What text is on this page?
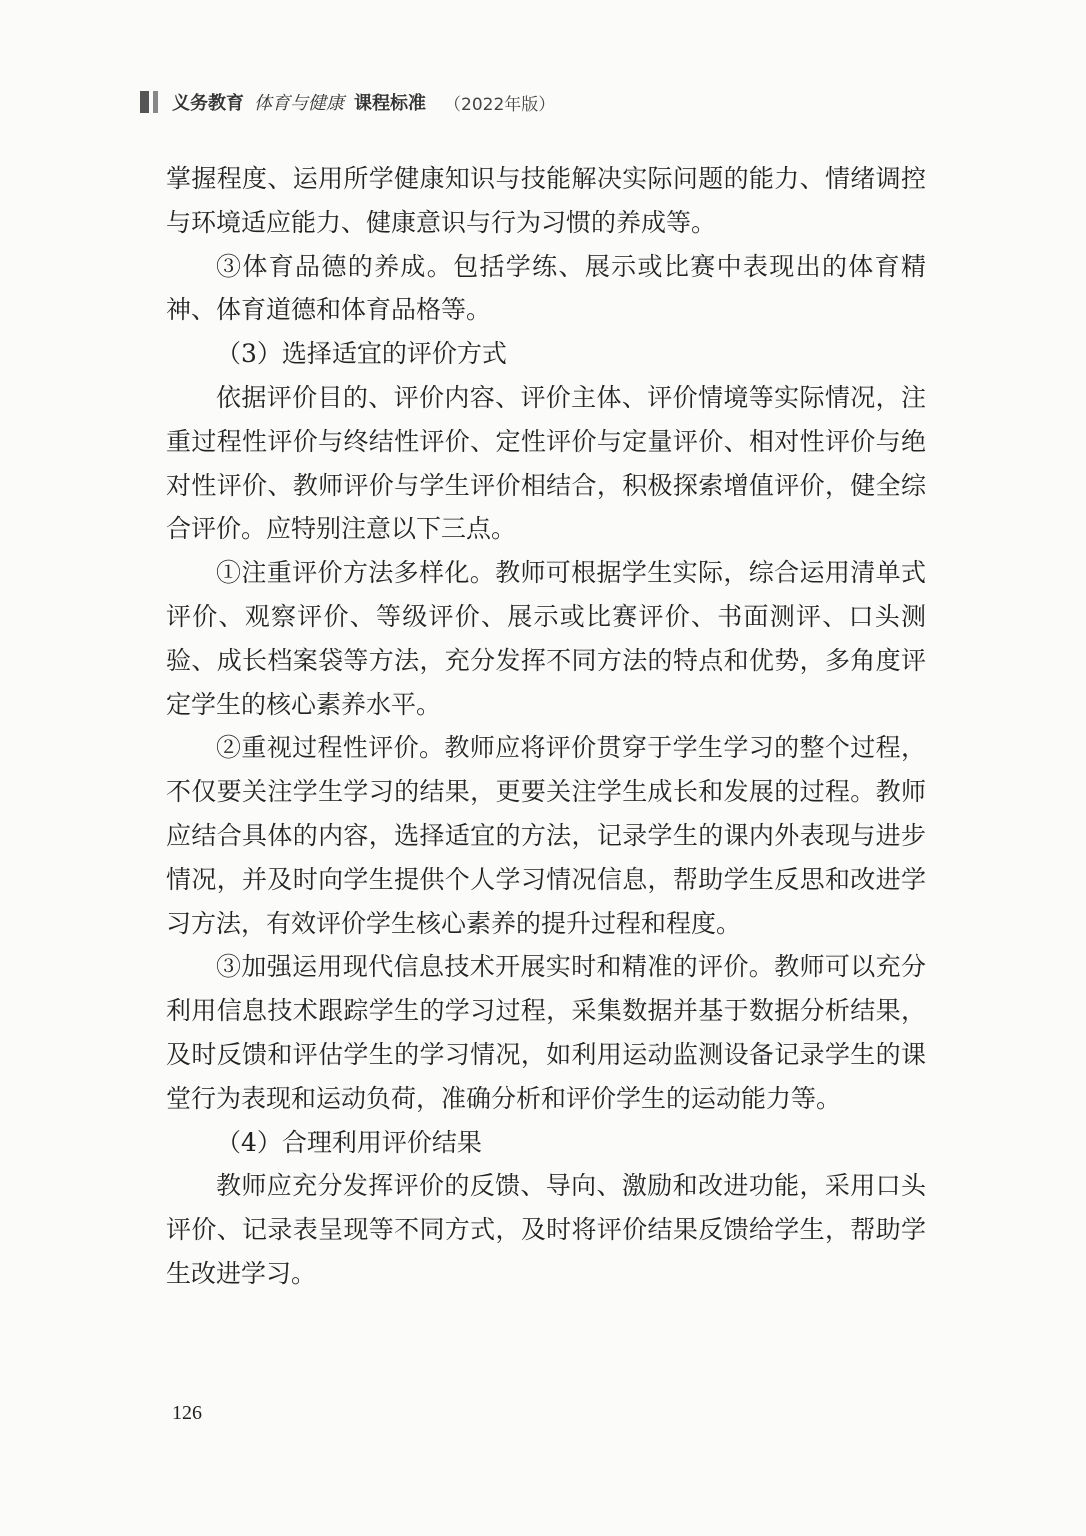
义务教育 体育与健康 课程标准 （2022年版）

掌握程度、运用所学健康知识与技能解决实际问题的能力、情绪调控与环境适应能力、健康意识与行为习惯的养成等。

③体育品德的养成。包括学练、展示或比赛中表现出的体育精神、体育道德和体育品格等。

（3）选择适宜的评价方式

依据评价目的、评价内容、评价主体、评价情境等实际情况，注重过程性评价与终结性评价、定性评价与定量评价、相对性评价与绝对性评价、教师评价与学生评价相结合，积极探索增值评价，健全综合评价。应特别注意以下三点。

①注重评价方法多样化。教师可根据学生实际，综合运用清单式评价、观察评价、等级评价、展示或比赛评价、书面测评、口头测验、成长档案袋等方法，充分发挥不同方法的特点和优势，多角度评定学生的核心素养水平。

②重视过程性评价。教师应将评价贯穿于学生学习的整个过程，不仅要关注学生学习的结果，更要关注学生成长和发展的过程。教师应结合具体的内容，选择适宜的方法，记录学生的课内外表现与进步情况，并及时向学生提供个人学习情况信息，帮助学生反思和改进学习方法，有效评价学生核心素养的提升过程和程度。

③加强运用现代信息技术开展实时和精准的评价。教师可以充分利用信息技术跟踪学生的学习过程，采集数据并基于数据分析结果，及时反馈和评估学生的学习情况，如利用运动监测设备记录学生的课堂行为表现和运动负荷，准确分析和评价学生的运动能力等。

（4）合理利用评价结果

教师应充分发挥评价的反馈、导向、激励和改进功能，采用口头评价、记录表呈现等不同方式，及时将评价结果反馈给学生，帮助学生改进学习。

126
